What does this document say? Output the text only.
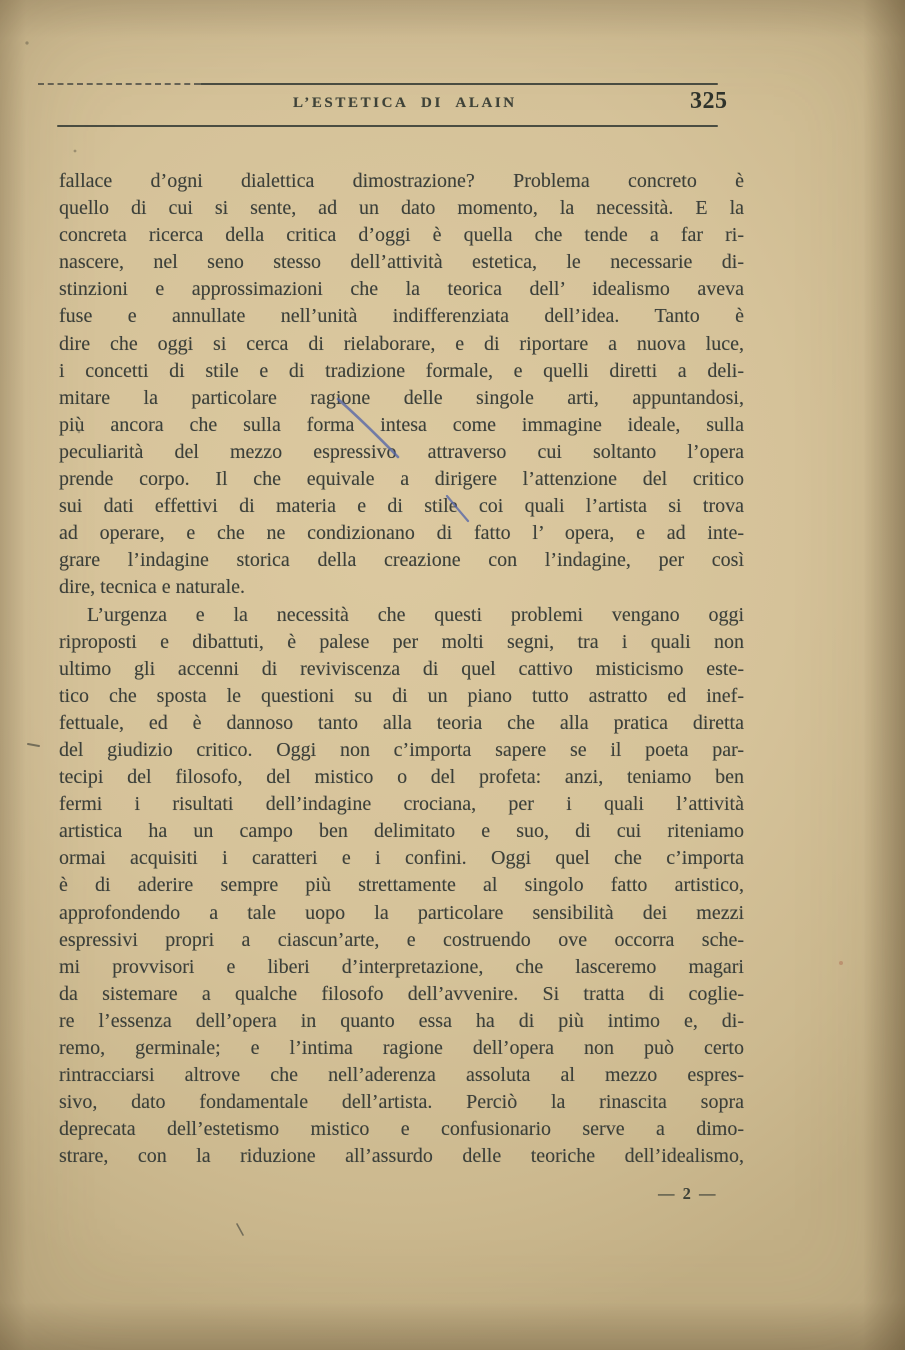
L’ESTETICA DI ALAIN	325
fallace d’ogni dialettica dimostrazione? Problema concreto è
quello di cui si sente, ad un dato momento, la necessità. E la
concreta ricerca della critica d’oggi è quella che tende a far ri-
nascere, nel seno stesso dell’attività estetica, le necessarie di-
stinzioni e approssimazioni che la teorica dell’ idealismo aveva
fuse e annullate nell’unità indifferenziata dell’idea. Tanto è
dire che oggi si cerca di rielaborare, e di riportare a nuova luce,
i concetti di stile e di tradizione formale, e quelli diretti a deli-
mitare la particolare ragione delle singole arti, appuntandosi,
più ancora che sulla forma intesa come immagine ideale, sulla
peculiarità del mezzo espressivo attraverso cui soltanto l’opera
prende corpo. Il che equivale a dirigere l’attenzione del critico
sui dati effettivi di materia e di stile coi quali l’artista si trova
ad operare, e che ne condizionano di fatto l’ opera, e ad inte-
grare l’indagine storica della creazione con l’indagine, per così
dire, tecnica e naturale.
L’urgenza e la necessità che questi problemi vengano oggi
riproposti e dibattuti, è palese per molti segni, tra i quali non
ultimo gli accenni di reviviscenza di quel cattivo misticismo este-
tico che sposta le questioni su di un piano tutto astratto ed inef-
fettuale, ed è dannoso tanto alla teoria che alla pratica diretta
del giudizio critico. Oggi non c’importa sapere se il poeta par-
tecipi del filosofo, del mistico o del profeta: anzi, teniamo ben
fermi i risultati dell’indagine crociana, per i quali l’attività
artistica ha un campo ben delimitato e suo, di cui riteniamo
ormai acquisiti i caratteri e i confini. Oggi quel che c’importa
è di aderire sempre più strettamente al singolo fatto artistico,
approfondendo a tale uopo la particolare sensibilità dei mezzi
espressivi propri a ciascun’arte, e costruendo ove occorra sche-
mi provvisori e liberi d’interpretazione, che lasceremo magari
da sistemare a qualche filosofo dell’avvenire. Si tratta di coglie-
re l’essenza dell’opera in quanto essa ha di più intimo e, di-
remo, germinale; e l’intima ragione dell’opera non può certo
rintracciarsi altrove che nell’aderenza assoluta al mezzo espres-
sivo, dato fondamentale dell’artista. Perciò la rinascita sopra
deprecata dell’estetismo mistico e confusionario serve a dimo-
strare, con la riduzione all’assurdo delle teoriche dell’idealismo,
— 2 —
